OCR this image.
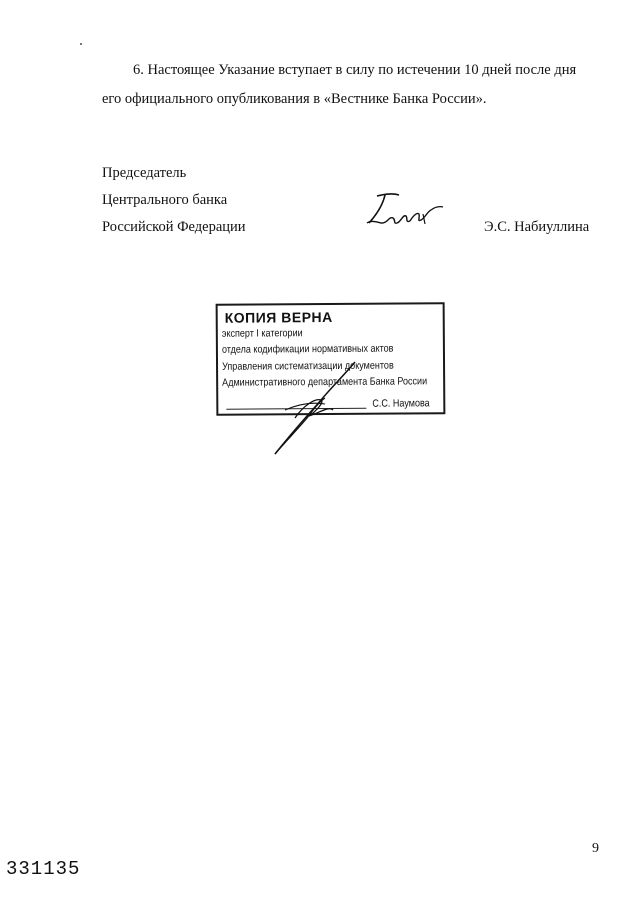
6. Настоящее Указание вступает в силу по истечении 10 дней после дня
его официального опубликования в «Вестнике Банка России».
Председатель
Центрального банка
Российской Федерации	Э.С. Набиуллина
КОПИЯ ВЕРНА
эксперт I категории
отдела кодификации нормативных актов
Управления систематизации документов
Административного департамента Банка России
С.С. Наумова
9
331135
